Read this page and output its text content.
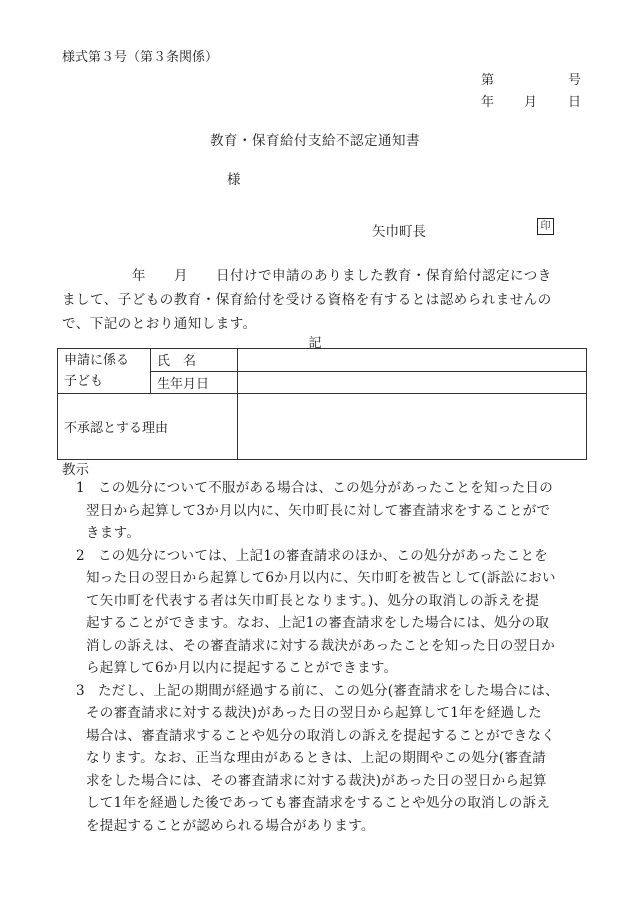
様式第３号（第３条関係）
第	号
年 月 日
教育・保育給付支給不認定通知書
様
矢巾町長	印
　　　　　年　　月　　日付けで申請のありました教育・保育給付認定につき
まして、子どもの教育・保育給付を受ける資格を有するとは認められませんの
で、下記のとおり通知します。
記
申請に係る
子ども	氏　名	
	生年月日	
不承認とする理由		
教示
1 この処分について不服がある場合は、この処分があったことを知った日の
翌日から起算して3か月以内に、矢巾町長に対して審査請求をすることがで
きます。
2 この処分については、上記1の審査請求のほか、この処分があったことを
知った日の翌日から起算して6か月以内に、矢巾町を被告として(訴訟におい
て矢巾町を代表する者は矢巾町長となります。)、処分の取消しの訴えを提
起することができます。なお、上記1の審査請求をした場合には、処分の取
消しの訴えは、その審査請求に対する裁決があったことを知った日の翌日か
ら起算して6か月以内に提起することができます。
3 ただし、上記の期間が経過する前に、この処分(審査請求をした場合には、
その審査請求に対する裁決)があった日の翌日から起算して1年を経過した
場合は、審査請求することや処分の取消しの訴えを提起することができなく
なります。なお、正当な理由があるときは、上記の期間やこの処分(審査請
求をした場合には、その審査請求に対する裁決)があった日の翌日から起算
して1年を経過した後であっても審査請求をすることや処分の取消しの訴え
を提起することが認められる場合があります。
